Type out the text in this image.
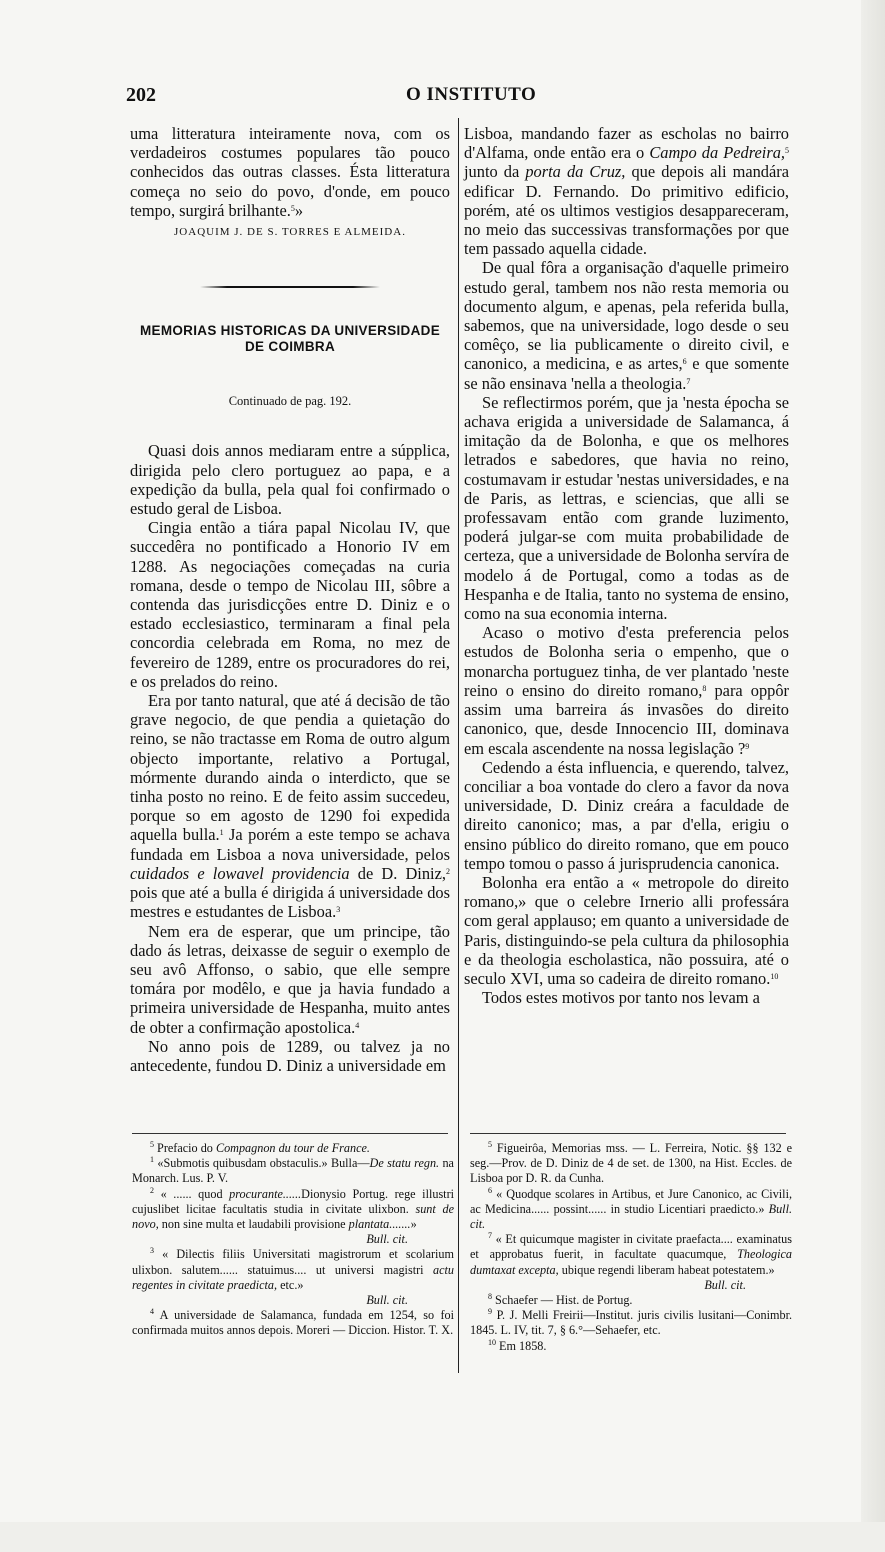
202	O INSTITUTO

uma litteratura inteiramente nova, com os verdadeiros costumes populares tão pouco conhecidos das outras classes. Ésta litteratura começa no seio do povo, d'onde, em pouco tempo, surgirá brilhante.$^5$»

JOAQUIM J. DE S. TORRES E ALMEIDA.
MEMORIAS HISTORICAS DA UNIVERSIDADE
DE COIMBRA
Continuado de pag. 192.

Quasi dois annos mediaram entre a súpplica, dirigida pelo clero portuguez ao papa, e a expedição da bulla, pela qual foi confirmado o estudo geral de Lisboa.

Cingia então a tiára papal Nicolau IV, que succedêra no pontificado a Honorio IV em 1288. As negociações começadas na curia romana, desde o tempo de Nicolau III, sôbre a contenda das jurisdicções entre D. Diniz e o estado ecclesiastico, terminaram a final pela concordia celebrada em Roma, no mez de fevereiro de 1289, entre os procuradores do rei, e os prelados do reino.

Era por tanto natural, que até á decisão de tão grave negocio, de que pendia a quietação do reino, se não tractasse em Roma de outro algum objecto importante, relativo a Portugal, mórmente durando ainda o interdicto, que se tinha posto no reino. E de feito assim succedeu, porque so em agosto de 1290 foi expedida aquella bulla.$^1$ Ja porém a este tempo se achava fundada em Lisboa a nova universidade, pelos cuidados e lowavel providencia de D. Diniz,$^2$ pois que até a bulla é dirigida á universidade dos mestres e estudantes de Lisboa.$^3$

Nem era de esperar, que um principe, tão dado ás letras, deixasse de seguir o exemplo de seu avô Affonso, o sabio, que elle sempre tomára por modêlo, e que ja havia fundado a primeira universidade de Hespanha, muito antes de obter a confirmação apostolica.$^4$

No anno pois de 1289, ou talvez ja no antecedente, fundou D. Diniz a universidade em

Lisboa, mandando fazer as escholas no bairro d'Alfama, onde então era o Campo da Pedreira,$^5$ junto da porta da Cruz, que depois ali mandára edificar D. Fernando. Do primitivo edificio, porém, até os ultimos vestigios desappareceram, no meio das successivas transformações por que tem passado aquella cidade.

De qual fôra a organisação d'aquelle primeiro estudo geral, tambem nos não resta memoria ou documento algum, e apenas, pela referida bulla, sabemos, que na universidade, logo desde o seu comêço, se lia publicamente o direito civil, e canonico, a medicina, e as artes,$^6$ e que somente se não ensinava 'nella a theologia.$^7$

Se reflectirmos porém, que ja 'nesta époсha se achava erigida a universidade de Salamanca, á imitação da de Bolonha, e que os melhores letrados e sabedores, que havia no reino, costumavam ir estudar 'nestas universidades, e na de Paris, as lettras, e sciencias, que alli se professavam então com grande luzimento, poderá julgar-se com muita probabilidade de certeza, que a universidade de Bolonha servíra de modelo á de Portugal, como a todas as de Hespanha e de Italia, tanto no systema de ensino, como na sua economia interna.

Acaso o motivo d'esta preferencia pelos estudos de Bolonha seria o empenho, que o monarcha portuguez tinha, de ver plantado 'neste reino o ensino do direito romano,$^8$ para oppôr assim uma barreira ás invasões do direito canonico, que, desde Innocencio III, dominava em escala ascendente na nossa legislação ?$^9$

Cedendo a ésta influencia, e querendo, talvez, conciliar a boa vontade do clero a favor da nova universidade, D. Diniz creára a faculdade de direito canonico; mas, a par d'ella, erigiu o ensino público do direito romano, que em pouco tempo tomou o passo á jurisprudencia canonica.

Bolonha era então a « metropole do direito romano,» que o celebre Irnerio alli professára com geral applauso; em quanto a universidade de Paris, distinguindo-se pela cultura da philosophia e da theologia escholastica, não possuira, até o seculo XVI, uma so cadeira de direito romano.$^{10}$

Todos estes motivos por tanto nos levam a

$^5$ Prefacio do Compagnon du tour de France.

$^1$ «Submotis quibusdam obstaculis.» Bulla—De statu regn. na Monarch. Lus. P. V.

$^2$ « ...... quod procurante......Dionysio Portug. rege illustri cujuslibet licitae facultatis studia in civitate ulixbon. sunt de novo, non sine multa et laudabili provisione plantata.......»

Bull. cit.

$^3$ « Dilectis filiis Universitati magistrorum et scolarium ulixbon. salutem...... statuimus.... ut universi magistri actu regentes in civitate praedicta, etc.»

Bull. cit.

$^4$ A universidade de Salamanca, fundada em 1254, so foi confirmada muitos annos depois. Moreri — Diccion. Histor. T. X.

$^5$ Figueirôa, Memorias mss. — L. Ferreira, Notic. §§ 132 e seg.—Prov. de D. Diniz de 4 de set. de 1300, na Hist. Eccles. de Lisboa por D. R. da Cunha.

$^6$ « Quodque scolares in Artibus, et Jure Canonico, ac Civili, ac Medicina...... possint...... in studio Licentiari praedicto.» Bull. cit.

$^7$ « Et quicumque magister in civitate praefacta.... examinatus et approbatus fuerit, in facultate quacumque, Theologica dumtaxat excepta, ubique regendi liberam habeat potestatem.»

Bull. cit.

$^8$ Schaefer — Hist. de Portug.

$^9$ P. J. Melli Freirii—Institut. juris civilis lusitani—Conimbr. 1845. L. IV, tit. 7, § 6.°—Sehaefer, etc.

$^{10}$ Em 1858.
